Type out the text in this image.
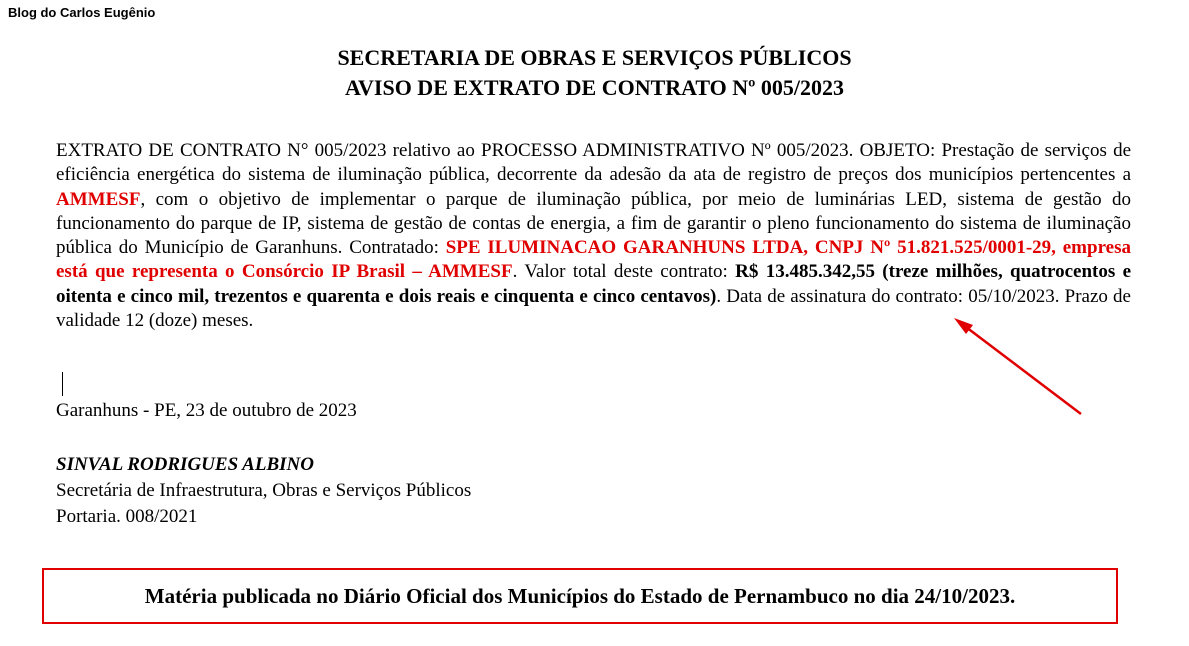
Blog do Carlos Eugênio
SECRETARIA DE OBRAS E SERVIÇOS PÚBLICOS
AVISO DE EXTRATO DE CONTRATO Nº 005/2023
EXTRATO DE CONTRATO N° 005/2023 relativo ao PROCESSO ADMINISTRATIVO Nº 005/2023. OBJETO: Prestação de serviços de eficiência energética do sistema de iluminação pública, decorrente da adesão da ata de registro de preços dos municípios pertencentes a AMMESF, com o objetivo de implementar o parque de iluminação pública, por meio de luminárias LED, sistema de gestão do funcionamento do parque de IP, sistema de gestão de contas de energia, a fim de garantir o pleno funcionamento do sistema de iluminação pública do Município de Garanhuns. Contratado: SPE ILUMINACAO GARANHUNS LTDA, CNPJ Nº 51.821.525/0001-29, empresa está que representa o Consórcio IP Brasil – AMMESF. Valor total deste contrato: R$ 13.485.342,55 (treze milhões, quatrocentos e oitenta e cinco mil, trezentos e quarenta e dois reais e cinquenta e cinco centavos). Data de assinatura do contrato: 05/10/2023. Prazo de validade 12 (doze) meses.
Garanhuns - PE, 23 de outubro de 2023
SINVAL RODRIGUES ALBINO
Secretária de Infraestrutura, Obras e Serviços Públicos
Portaria. 008/2021
Matéria publicada no Diário Oficial dos Municípios do Estado de Pernambuco no dia 24/10/2023.
